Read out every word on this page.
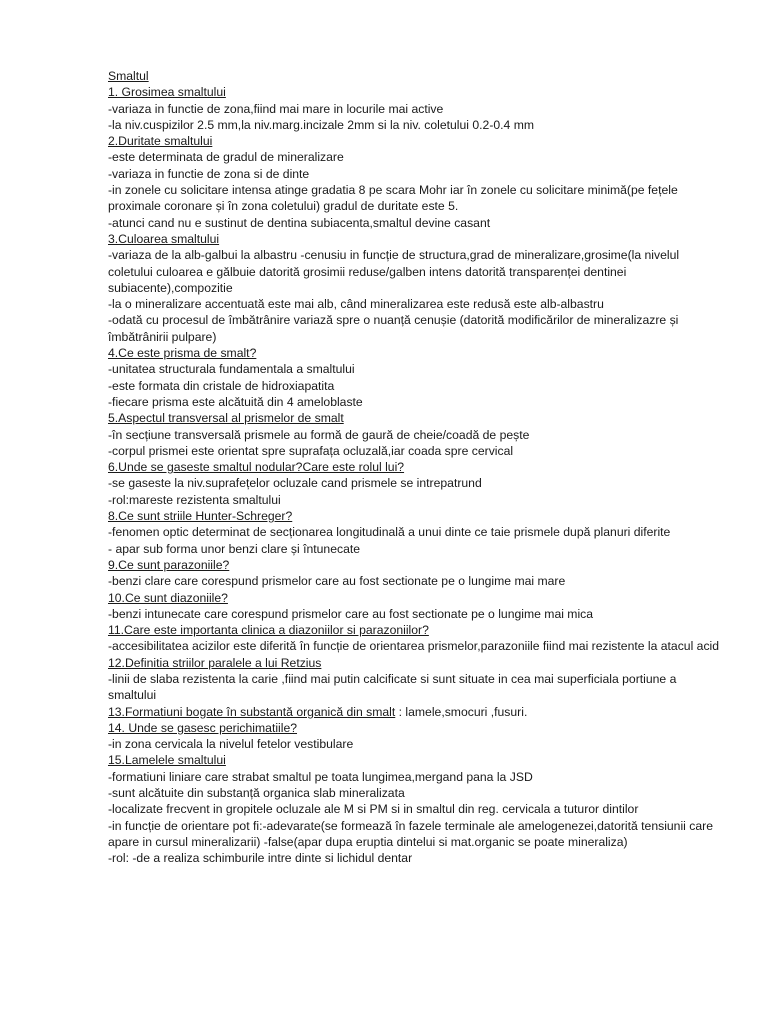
Smaltul
1. Grosimea smaltului
-variaza in functie de zona,fiind mai mare in locurile mai active
-la niv.cuspizilor 2.5 mm,la niv.marg.incizale 2mm si la niv. coletului 0.2-0.4 mm
2.Duritate smaltului
-este determinata de gradul de mineralizare
-variaza in functie de zona si de dinte
-in zonele cu solicitare intensa atinge gradatia 8 pe scara Mohr iar în zonele cu solicitare minimă(pe fețele proximale coronare și în zona coletului) gradul de duritate este 5.
-atunci cand nu e sustinut de dentina subiacenta,smaltul devine casant
3.Culoarea smaltului
-variaza de la alb-galbui la albastru -cenusiu in funcție de structura,grad de mineralizare,grosime(la nivelul coletului culoarea e gălbuie datorită grosimii reduse/galben intens datorită transparenței dentinei subiacente),compozitie
-la o mineralizare accentuată este mai alb, când mineralizarea este redusă este alb-albastru
-odată cu procesul de îmbătrânire variază spre o nuanță cenușie (datorită modificărilor de mineralizazre și îmbătrânirii pulpare)
4.Ce este prisma de smalt?
-unitatea structurala fundamentala a smaltului
-este formata din cristale de hidroxiapatita
-fiecare prisma este alcătuită din 4 ameloblaste
5.Aspectul transversal al prismelor de smalt
-în secțiune transversală prismele au formă de gaură de cheie/coadă de pește
-corpul prismei este orientat spre suprafața ocluzală,iar coada spre cervical
6.Unde se gaseste smaltul nodular?Care este rolul lui?
-se gaseste la niv.suprafețelor ocluzale cand prismele se intrepatrund
-rol:mareste rezistenta smaltului
8.Ce sunt striile Hunter-Schreger?
-fenomen optic determinat de secționarea longitudinală a unui dinte ce taie prismele după planuri diferite
- apar sub forma unor benzi clare și întunecate
9.Ce sunt parazoniile?
-benzi clare care corespund prismelor care au fost sectionate pe o lungime mai mare
10.Ce sunt diazoniile?
-benzi intunecate care corespund prismelor care au fost sectionate pe o lungime mai mica
11.Care este importanta clinica a diazoniilor si parazoniilor?
-accesibilitatea acizilor este diferită în funcție de orientarea prismelor,parazoniile fiind mai rezistente la atacul acid
12.Definitia striilor paralele a lui Retzius
-linii de slaba rezistenta la carie ,fiind mai putin calcificate si sunt situate in cea mai superficiala portiune a smaltului
13.Formatiuni bogate în substantă organică din smalt : lamele,smocuri ,fusuri.
14. Unde se gasesc perichimatiile?
-in zona cervicala la nivelul fetelor vestibulare
15.Lamelele smaltului
-formatiuni liniare care strabat smaltul pe toata lungimea,mergand pana la JSD
-sunt alcătuite din substanță organica slab mineralizata
-localizate frecvent in gropitele ocluzale ale M si PM si in smaltul din reg. cervicala a tuturor dintilor
-in funcție de orientare pot fi:-adevarate(se formează în fazele terminale ale amelogenezei,datorită tensiunii care apare in cursul mineralizarii) -false(apar dupa eruptia dintelui si mat.organic se poate mineraliza)
-rol: -de a realiza schimburile intre dinte si lichidul dentar
